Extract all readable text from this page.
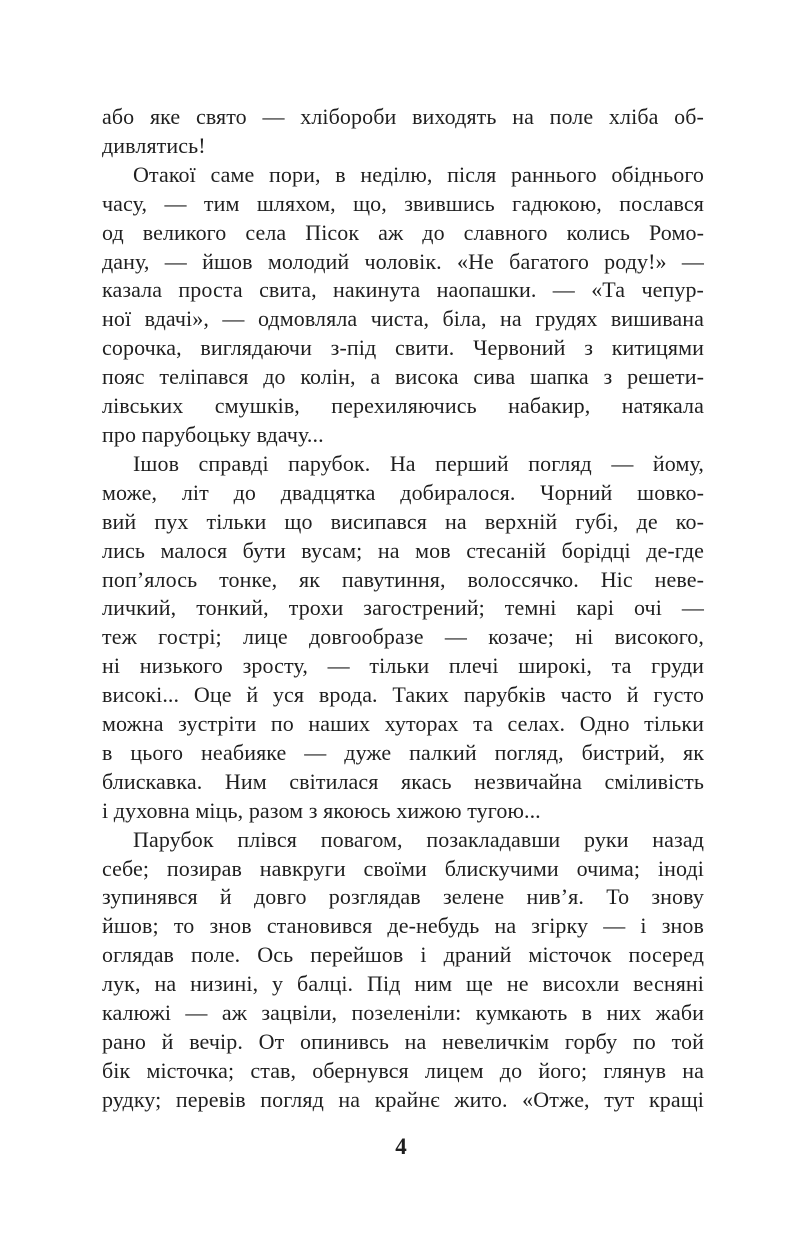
або яке свято — хлібороби виходять на поле хліба об-
дивлятись!

Отакої саме пори, в неділю, після раннього обіднього
часу, — тим шляхом, що, звившись гадюкою, послався
од великого села Пісок аж до славного колись Ромо-
дану, — йшов молодий чоловік. «Не багатого роду!» —
казала проста свита, накинута наопашки. — «Та чепур-
ної вдачі», — одмовляла чиста, біла, на грудях вишивана
сорочка, виглядаючи з-під свити. Червоний з китицями
пояс теліпався до колін, а висока сива шапка з решети-
лівських смушків, перехиляючись набакир, натякала
про парубоцьку вдачу...

Ішов справді парубок. На перший погляд — йому,
може, літ до двадцятка добиралося. Чорний шовко-
вий пух тільки що висипався на верхній губі, де ко-
лись малося бути вусам; на мов стесаній борідці де-где
поп’ялось тонке, як павутиння, волоссячко. Ніс неве-
личкий, тонкий, трохи загострений; темні карі очі —
теж гострі; лице довгообразе — козаче; ні високого,
ні низького зросту, — тільки плечі широкі, та груди
високі... Оце й уся врода. Таких парубків часто й густо
можна зустріти по наших хуторах та селах. Одно тільки
в цього неабияке — дуже палкий погляд, бистрий, як
блискавка. Ним світилася якась незвичайна сміливість
і духовна міць, разом з якоюсь хижою тугою...

Парубок плівся повагом, позакладавши руки назад
себе; позирав навкруги своїми блискучими очима; іноді
зупинявся й довго розглядав зелене нив’я. То знову
йшов; то знов становився де-небудь на згірку — і знов
оглядав поле. Ось перейшов і драний місточок посеред
лук, на низині, у балці. Під ним ще не висохли весняні
калюжі — аж зацвіли, позеленіли: кумкають в них жаби
рано й вечір. От опинивсь на невеличкім горбу по той
бік місточка; став, обернувся лицем до його; глянув на
рудку; перевів погляд на крайнє жито. «Отже, тут кращі

4
